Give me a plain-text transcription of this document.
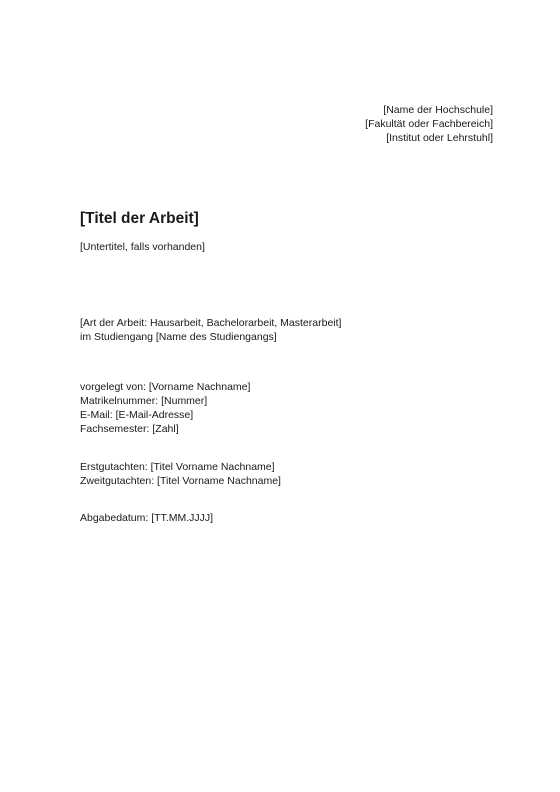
[Name der Hochschule]
[Fakultät oder Fachbereich]
[Institut oder Lehrstuhl]
[Titel der Arbeit]
[Untertitel, falls vorhanden]
[Art der Arbeit: Hausarbeit, Bachelorarbeit, Masterarbeit]
im Studiengang [Name des Studiengangs]
vorgelegt von: [Vorname Nachname]
Matrikelnummer: [Nummer]
E-Mail: [E-Mail-Adresse]
Fachsemester: [Zahl]
Erstgutachten: [Titel Vorname Nachname]
Zweitgutachten: [Titel Vorname Nachname]
Abgabedatum: [TT.MM.JJJJ]
